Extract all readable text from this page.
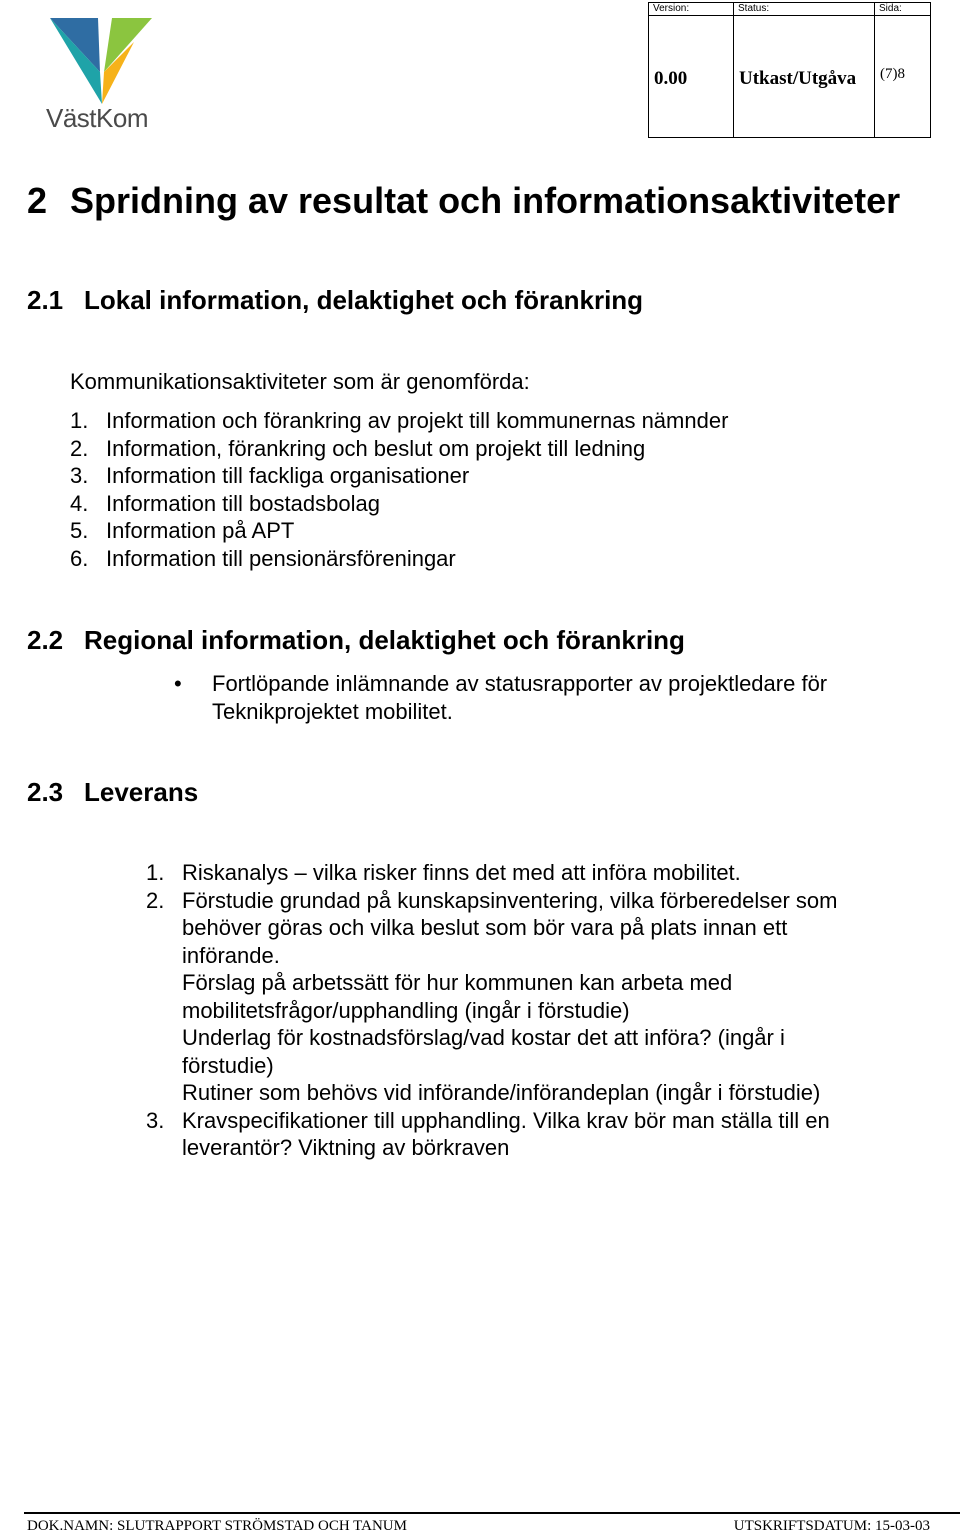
VästKom
Version:	Status:	Sida:

0.00	Utkast/Utgåva	(7)8
2 Spridning av resultat och informationsaktiviteter
2.1 Lokal information, delaktighet och förankring
Kommunikationsaktiviteter som är genomförda:
1. Information och förankring av projekt till kommunernas nämnder
2. Information, förankring och beslut om projekt till ledning
3. Information till fackliga organisationer
4. Information till bostadsbolag
5. Information på APT
6. Information till pensionärsföreningar
2.2 Regional information, delaktighet och förankring
• Fortlöpande inlämnande av statusrapporter av projektledare för Teknikprojektet mobilitet.
2.3 Leverans
1. Riskanalys – vilka risker finns det med att införa mobilitet.
2. Förstudie grundad på kunskapsinventering, vilka förberedelser som
behöver göras och vilka beslut som bör vara på plats innan ett
införande.
Förslag på arbetssätt för hur kommunen kan arbeta med
mobilitetsfrågor/upphandling (ingår i förstudie)
Underlag för kostnadsförslag/vad kostar det att införa? (ingår i
förstudie)
Rutiner som behövs vid införande/införandeplan (ingår i förstudie)
3. Kravspecifikationer till upphandling. Vilka krav bör man ställa till en
leverantör? Viktning av börkraven
DOK.NAMN: SLUTRAPPORT STRÖMSTAD OCH TANUM	UTSKRIFTSDATUM: 15-03-03
